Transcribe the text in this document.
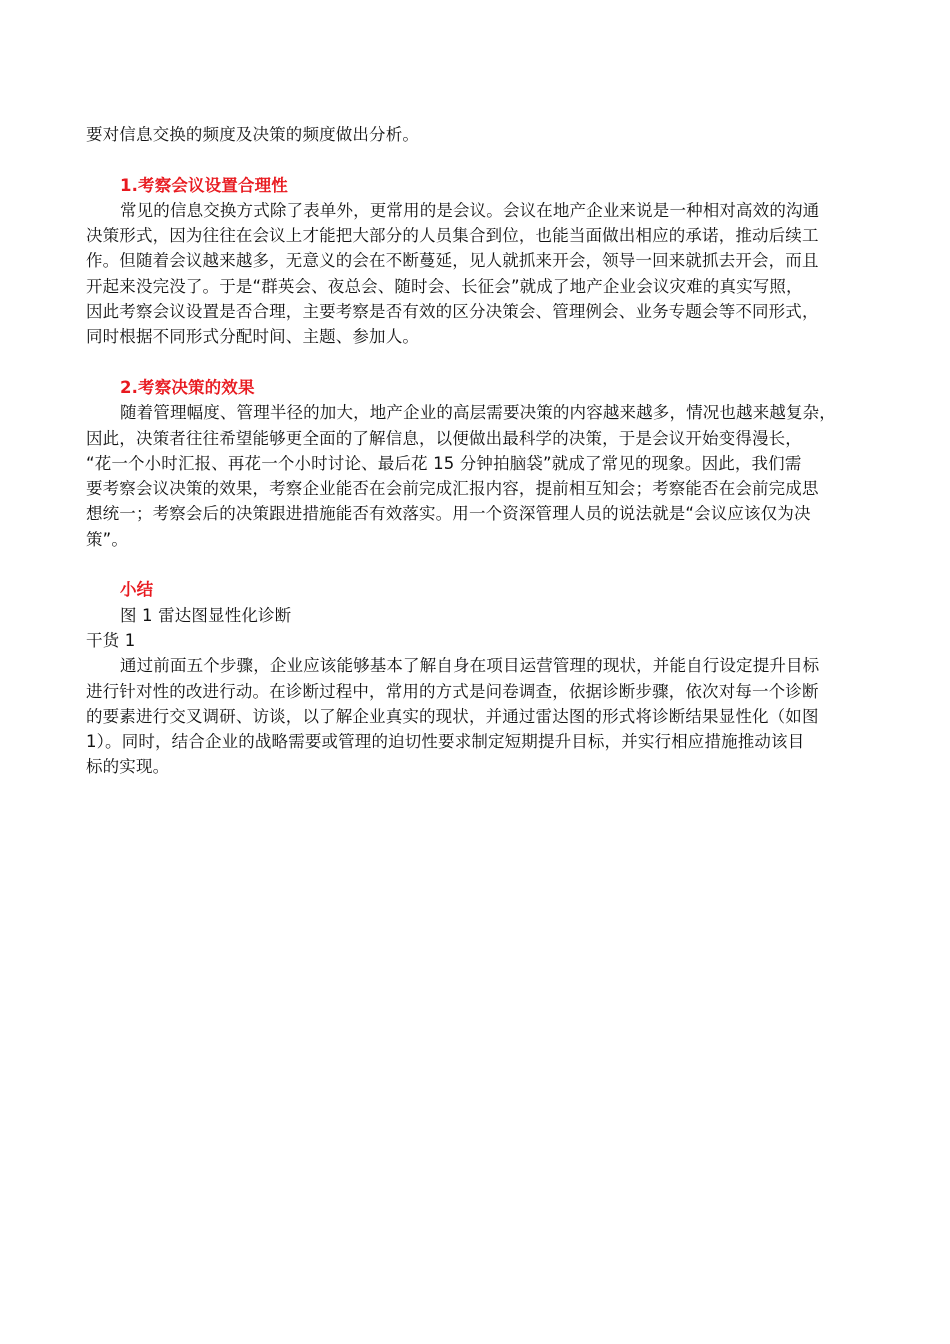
要对信息交换的频度及决策的频度做出分析。
1.考察会议设置合理性
常见的信息交换方式除了表单外，更常用的是会议。会议在地产企业来说是一种相对高效的沟通
决策形式，因为往往在会议上才能把大部分的人员集合到位，也能当面做出相应的承诺，推动后续工
作。但随着会议越来越多，无意义的会在不断蔓延，见人就抓来开会，领导一回来就抓去开会，而且
开起来没完没了。于是“群英会、夜总会、随时会、长征会”就成了地产企业会议灾难的真实写照，
因此考察会议设置是否合理，主要考察是否有效的区分决策会、管理例会、业务专题会等不同形式，
同时根据不同形式分配时间、主题、参加人。
2.考察决策的效果
随着管理幅度、管理半径的加大，地产企业的高层需要决策的内容越来越多，情况也越来越复杂，
因此，决策者往往希望能够更全面的了解信息，以便做出最科学的决策，于是会议开始变得漫长，
“花一个小时汇报、再花一个小时讨论、最后花 15 分钟拍脑袋”就成了常见的现象。因此，我们需
要考察会议决策的效果，考察企业能否在会前完成汇报内容，提前相互知会；考察能否在会前完成思
想统一；考察会后的决策跟进措施能否有效落实。用一个资深管理人员的说法就是“会议应该仅为决
策”。
小结
图 1 雷达图显性化诊断
干货 1
通过前面五个步骤，企业应该能够基本了解自身在项目运营管理的现状，并能自行设定提升目标
进行针对性的改进行动。在诊断过程中，常用的方式是问卷调查，依据诊断步骤，依次对每一个诊断
的要素进行交叉调研、访谈，以了解企业真实的现状，并通过雷达图的形式将诊断结果显性化（如图
1）。同时，结合企业的战略需要或管理的迫切性要求制定短期提升目标，并实行相应措施推动该目
标的实现。
